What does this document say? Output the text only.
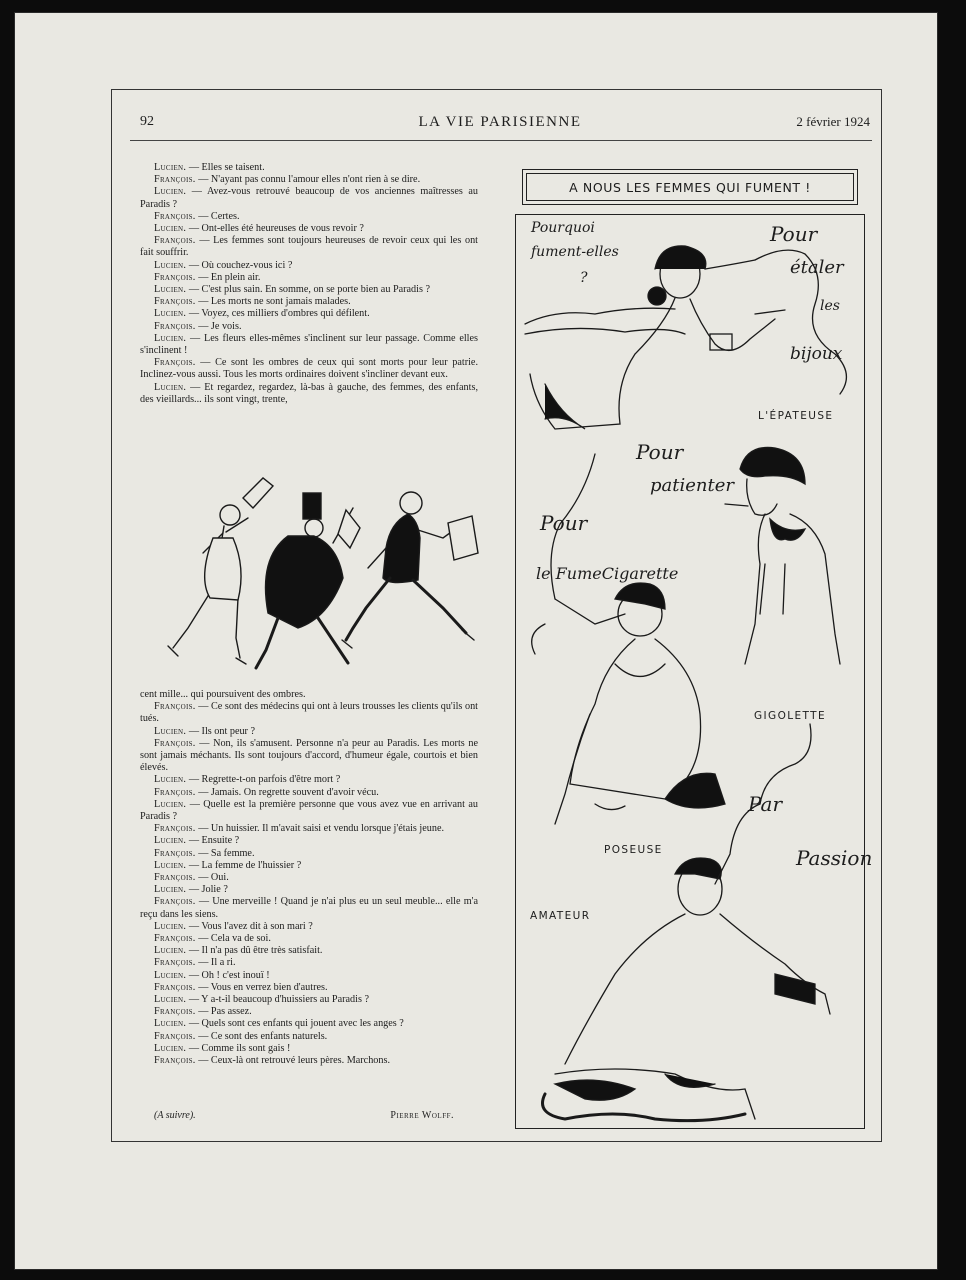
92	LA VIE PARISIENNE	2 février 1924

Lucien. — Elles se taisent.

François. — N'ayant pas connu l'amour elles n'ont rien à se dire.

Lucien. — Avez-vous retrouvé beaucoup de vos anciennes maîtresses au Paradis ?

François. — Certes.

Lucien. — Ont-elles été heureuses de vous revoir ?

François. — Les femmes sont toujours heureuses de revoir ceux qui les ont fait souffrir.

Lucien. — Où couchez-vous ici ?

François. — En plein air.

Lucien. — C'est plus sain. En somme, on se porte bien au Paradis ?

François. — Les morts ne sont jamais malades.

Lucien. — Voyez, ces milliers d'ombres qui défilent.

François. — Je vois.

Lucien. — Les fleurs elles-mêmes s'inclinent sur leur passage. Comme elles s'inclinent !

François. — Ce sont les ombres de ceux qui sont morts pour leur patrie. Inclinez-vous aussi. Tous les morts ordinaires doivent s'incliner devant eux.

Lucien. — Et regardez, regardez, là-bas à gauche, des femmes, des enfants, des vieillards... ils sont vingt, trente,

cent mille... qui poursuivent des ombres.

François. — Ce sont des médecins qui ont à leurs trousses les clients qu'ils ont tués.

Lucien. — Ils ont peur ?

François. — Non, ils s'amusent. Personne n'a peur au Paradis. Les morts ne sont jamais méchants. Ils sont toujours d'accord, d'humeur égale, courtois et bien élevés.

Lucien. — Regrette-t-on parfois d'être mort ?

François. — Jamais. On regrette souvent d'avoir vécu.

Lucien. — Quelle est la première personne que vous avez vue en arrivant au Paradis ?

François. — Un huissier. Il m'avait saisi et vendu lorsque j'étais jeune.

Lucien. — Ensuite ?

François. — Sa femme.

Lucien. — La femme de l'huissier ?

François. — Oui.

Lucien. — Jolie ?

François. — Une merveille ! Quand je n'ai plus eu un seul meuble... elle m'a reçu dans les siens.

Lucien. — Vous l'avez dit à son mari ?

François. — Cela va de soi.

Lucien. — Il n'a pas dû être très satisfait.

François. — Il a ri.

Lucien. — Oh ! c'est inouï !

François. — Vous en verrez bien d'autres.

Lucien. — Y a-t-il beaucoup d'huissiers au Paradis ?

François. — Pas assez.

Lucien. — Quels sont ces enfants qui jouent avec les anges ?

François. — Ce sont des enfants naturels.

Lucien. — Comme ils sont gais !

François. — Ceux-là ont retrouvé leurs pères. Marchons.

(A suivre).	Pierre Wolff.
A NOUS LES FEMMES QUI FUMENT !
Pourquoi
fument-elles
?
Pour
étaler
les
bijoux
Pour
patienter
Pour
le FumeCigarette
Par
Passion
L'ÉPATEUSE
GIGOLETTE
POSEUSE
AMATEUR
